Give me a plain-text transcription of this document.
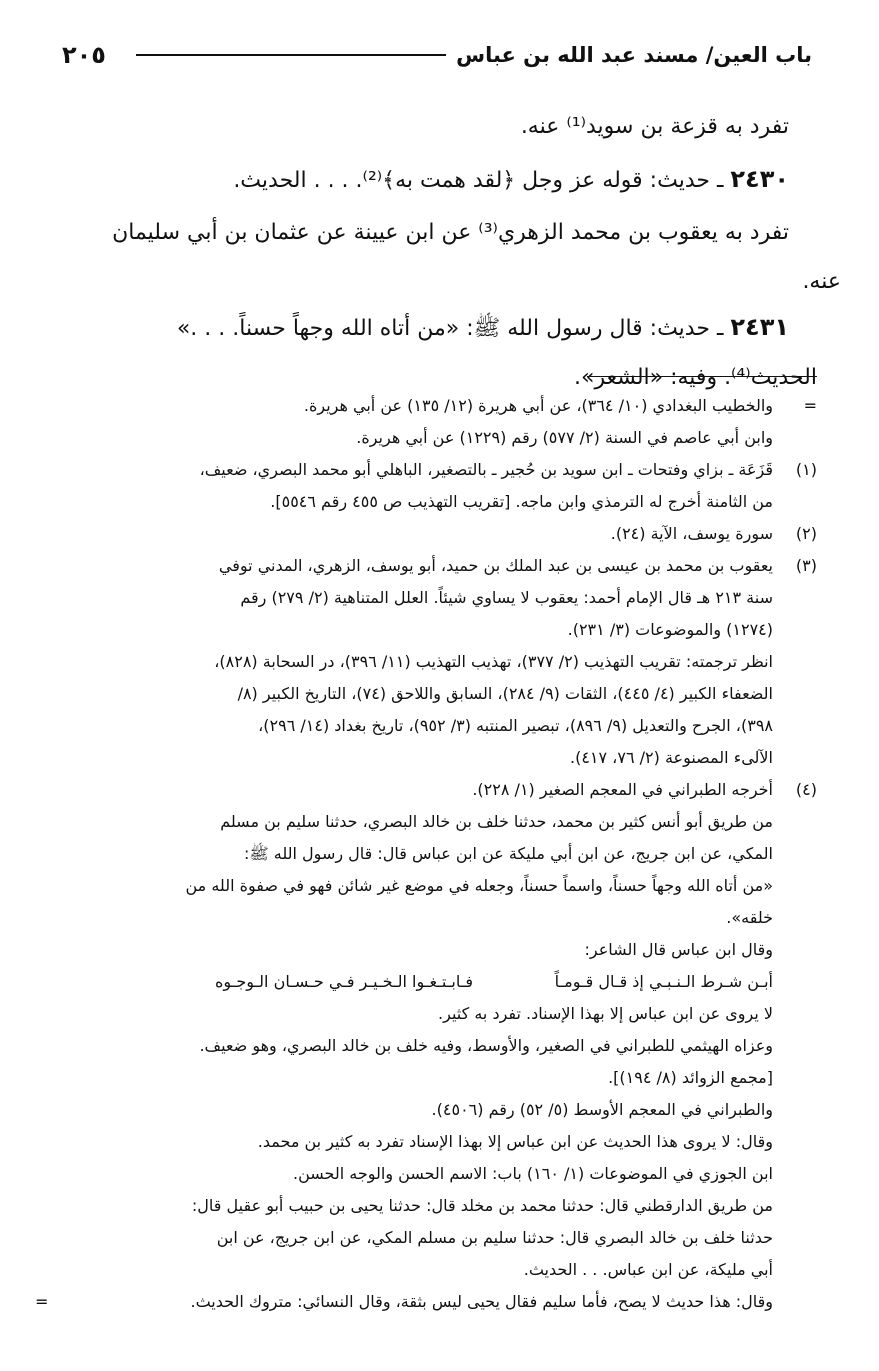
٢٠٥	باب العين/ مسند عبد الله بن عباس

تفرد به قزعة بن سويد⁽¹⁾ عنه.

٢٤٣٠ ـ حديث: قوله عز وجل ﴿لقد همت به﴾⁽²⁾. . . . الحديث.

تفرد به يعقوب بن محمد الزهري⁽³⁾ عن ابن عيينة عن عثمان بن أبي سليمان

عنه.

٢٤٣١ ـ حديث: قال رسول الله ﷺ: «من أتاه الله وجهاً حسناً. . . .»

الحديث⁽⁴⁾. وفيه: «الشعر».

=
والخطيب البغدادي (١٠/ ٣٦٤)، عن أبي هريرة (١٢/ ١٣٥) عن أبي هريرة.
وابن أبي عاصم في السنة (٢/ ٥٧٧) رقم (١٢٢٩) عن أبي هريرة.
(١)
قَزَعَة ـ بزاي وفتحات ـ ابن سويد بن حُجير ـ بالتصغير، الباهلي أبو محمد البصري، ضعيف،
من الثامنة أخرج له الترمذي وابن ماجه. [تقريب التهذيب ص ٤٥٥ رقم ٥٥٤٦].
(٢)
سورة يوسف، الآية (٢٤).
(٣)
يعقوب بن محمد بن عيسى بن عبد الملك بن حميد، أبو يوسف، الزهري، المدني توفي
سنة ٢١٣ هـ قال الإمام أحمد: يعقوب لا يساوي شيئاً. العلل المتناهية (٢/ ٢٧٩) رقم
(١٢٧٤) والموضوعات (٣/ ٢٣١).
انظر ترجمته: تقريب التهذيب (٢/ ٣٧٧)، تهذيب التهذيب (١١/ ٣٩٦)، در السحابة (٨٢٨)،
الضعفاء الكبير (٤/ ٤٤٥)، الثقات (٩/ ٢٨٤)، السابق واللاحق (٧٤)، التاريخ الكبير (٨/
٣٩٨)، الجرح والتعديل (٩/ ٨٩٦)، تبصير المنتبه (٣/ ٩٥٢)، تاريخ بغداد (١٤/ ٢٩٦)،
الآلىء المصنوعة (٢/ ٧٦، ٤١٧).
(٤)
أخرجه الطبراني في المعجم الصغير (١/ ٢٢٨).
من طريق أبو أنس كثير بن محمد، حدثنا خلف بن خالد البصري، حدثنا سليم بن مسلم
المكي، عن ابن جريج، عن ابن أبي مليكة عن ابن عباس قال: قال رسول الله ﷺ:
«من أتاه الله وجهاً حسناً، واسماً حسناً، وجعله في موضع غير شائن فهو في صفوة الله من
خلقه».
وقال ابن عباس قال الشاعر:
أبـن شـرط الـنـبـي إذ قـال قـومـاً
فـابـتـغـوا الـخـيـر فـي حـسـان الـوجـوه
لا يروى عن ابن عباس إلا بهذا الإسناد. تفرد به كثير.
وعزاه الهيثمي للطبراني في الصغير، والأوسط، وفيه خلف بن خالد البصري، وهو ضعيف.
[مجمع الزوائد (٨/ ١٩٤)].
والطبراني في المعجم الأوسط (٥/ ٥٢) رقم (٤٥٠٦).
وقال: لا يروى هذا الحديث عن ابن عباس إلا بهذا الإسناد تفرد به كثير بن محمد.
ابن الجوزي في الموضوعات (١/ ١٦٠) باب: الاسم الحسن والوجه الحسن.
من طريق الدارقطني قال: حدثنا محمد بن مخلد قال: حدثنا يحيى بن حبيب أبو عقيل قال:
حدثنا خلف بن خالد البصري قال: حدثنا سليم بن مسلم المكي، عن ابن جريج، عن ابن
أبي مليكة، عن ابن عباس. . . الحديث.
وقال: هذا حديث لا يصح، فأما سليم فقال يحيى ليس بثقة، وقال النسائي: متروك الحديث.
=
